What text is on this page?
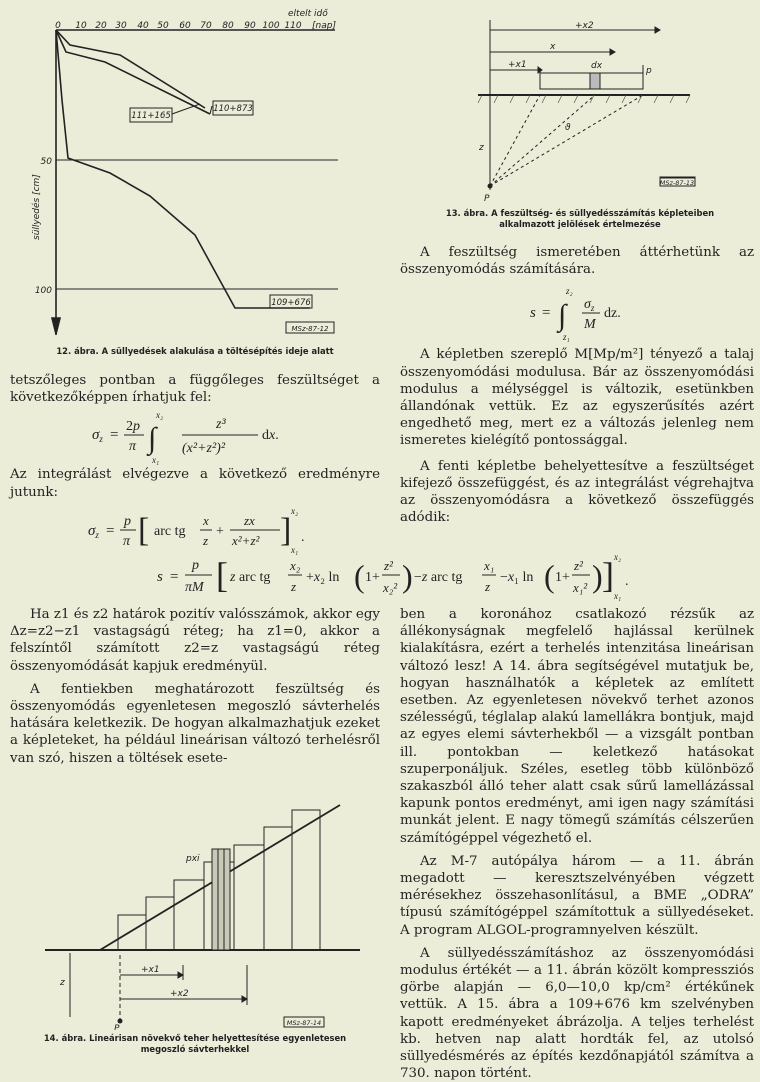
0 10 20 30 40 50 60 70 80 90 100 110
eltelt idő
[nap]
50
100
süllyedés [cm]
110+873
111+165
109+676
MSz-87-12
12. ábra. A süllyedések alakulása a töltésépítés ideje alatt
+x2
x
+x1	dx	p
ϑ
z
P
MSz-87-13
13. ábra. A feszültség- és süllyedésszámítás képleteiben
alkalmazott jelölések értelmezése

A feszültség ismeretében áttérhetünk az összenyomódás számítására.

s = ∫
z₂
z₁
$\sigma_z$
M
dz.

A képletben szereplő M[Mp/m²] tényező a talaj összenyomódási modulusa. Bár az összenyomódási modulus a mélységgel is változik, esetünkben állandónak vettük. Ez az egyszerűsítés azért engedhető meg, mert ez a változás jelenleg nem ismeretes kielégítő pontossággal.

A fenti képletbe behelyettesítve a feszültséget kifejező összefüggést, és az integrálást végrehajtva az összenyomódásra a következő összefüggés adódik:

tetszőleges pontban a függőleges feszültséget a következőképpen írhatjuk fel:

$\sigma_z$ =
2p
π ∫
x₂
x₁
z³
(x²+z²)²
dx.

Az integrálást elvégezve a következő eredményre jutunk:

$\sigma_z$ =
p
π [ arc tg
x
z
+
zx
x²+z² ]
x₂
x₁
.
s =
p
πM [ z arc tg
x₂
z
+x₂ ln ( 1+
z²
x₂² ) −z arc tg
x₁
z
−x₁ ln ( 1+
z²
x₁² ) ] x₂
x₁
.

Ha z1 és z2 határok pozitív valósszámok, akkor egy Δz=z2−z1 vastagságú réteg; ha z1=0, akkor a felszíntől számított z2=z vastagságú réteg összenyomódását kapjuk eredményül.

A fentiekben meghatározott feszültség és összenyomódás egyenletesen megoszló sávterhelés hatására keletkezik. De hogyan alkalmazhatjuk ezeket a képleteket, ha például lineárisan változó terhelésről van szó, hiszen a töltések esete-

pxi
+x1
+x2
z
P
MSz-87-14
14. ábra. Lineárisan növekvő teher helyettesítése egyenletesen
megoszló sávterhekkel

ben a koronához csatlakozó rézsűk az állékonyságnak megfelelő hajlással kerülnek kialakításra, ezért a terhelés intenzitása lineárisan változó lesz! A 14. ábra segítségével mutatjuk be, hogyan használhatók a képletek az említett esetben. Az egyenletesen növekvő terhet azonos szélességű, téglalap alakú lamellákra bontjuk, majd az egyes elemi sávterhekből — a vizsgált pontban ill. pontokban — keletkező hatásokat szuperponáljuk. Széles, esetleg több különböző szakaszból álló teher alatt csak sűrű lamellázással kapunk pontos eredményt, ami igen nagy számítási munkát jelent. E nagy tömegű számítás célszerűen számítógéppel végezhető el.

Az M-7 autópálya három — a 11. ábrán megadott — keresztszelvényében végzett mérésekhez összehasonlításul, a BME „ODRA” típusú számítógéppel számítottuk a süllyedéseket. A program ALGOL-programnyelven készült.

A süllyedésszámításhoz az összenyomódási modulus értékét — a 11. ábrán közölt kompressziós görbe alapján — 6,0—10,0 kp/cm² értékűnek vettük. A 15. ábra a 109+676 km szelvényben kapott eredményeket ábrázolja. A teljes terhelést kb. hetven nap alatt hordták fel, az utolsó süllyedésmérés az építés kezdőnapjától számítva a 730. napon történt.
